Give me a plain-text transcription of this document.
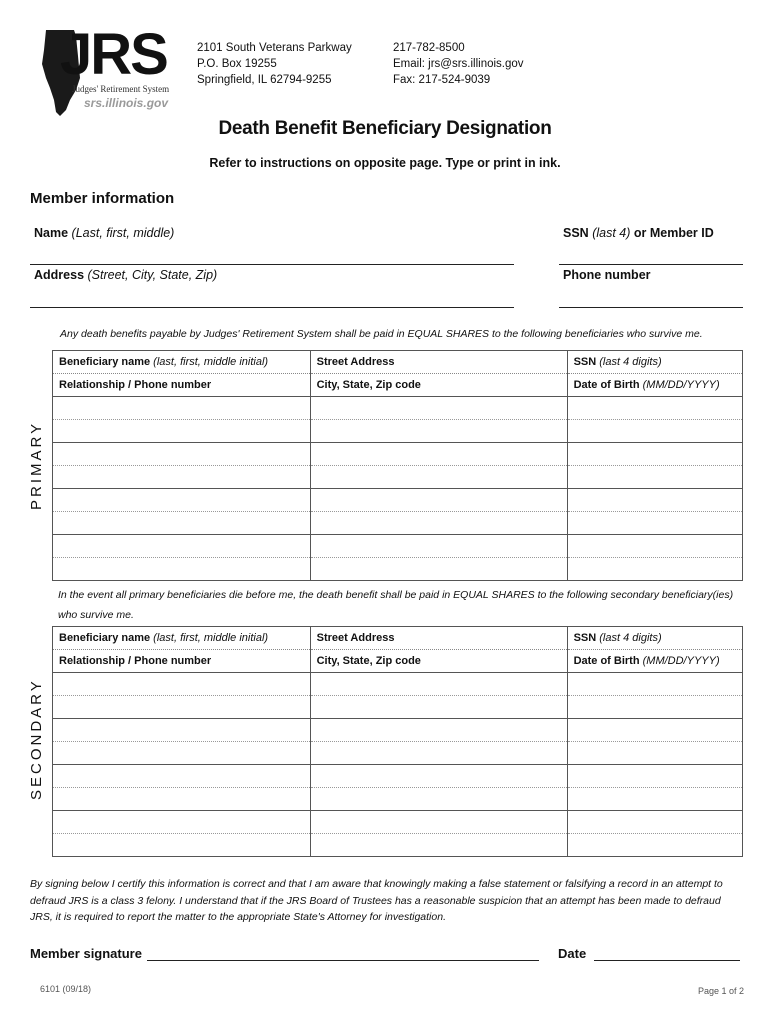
JRS
Judges' Retirement System
srs.illinois.gov
2101 South Veterans Parkway
P.O. Box 19255
Springfield, IL 62794-9255
217-782-8500
Email: jrs@srs.illinois.gov
Fax: 217-524-9039
Death Benefit Beneficiary Designation
Refer to instructions on opposite page. Type or print in ink.
Member information
Name (Last, first, middle)	SSN (last 4) or Member ID
Address (Street, City, State, Zip)	Phone number
Any death benefits payable by Judges' Retirement System shall be paid in EQUAL SHARES to the following beneficiaries who survive me.
PRIMARY
Beneficiary name (last, first, middle initial)	Street Address	SSN (last 4 digits)
Relationship / Phone number	City, State, Zip code	Date of Birth (MM/DD/YYYY)

In the event all primary beneficiaries die before me, the death benefit shall be paid in EQUAL SHARES to the following secondary beneficiary(ies)
who survive me.
SECONDARY
Beneficiary name (last, first, middle initial)	Street Address	SSN (last 4 digits)
Relationship / Phone number	City, State, Zip code	Date of Birth (MM/DD/YYYY)

By signing below I certify this information is correct and that I am aware that knowingly making a false statement or falsifying a record in an attempt to defraud JRS is a class 3 felony. I understand that if the JRS Board of Trustees has a reasonable suspicion that an attempt has been made to defraud JRS, it is required to report the matter to the appropriate State's Attorney for investigation.
Member signature	Date
6101 (09/18)	Page 1 of 2
